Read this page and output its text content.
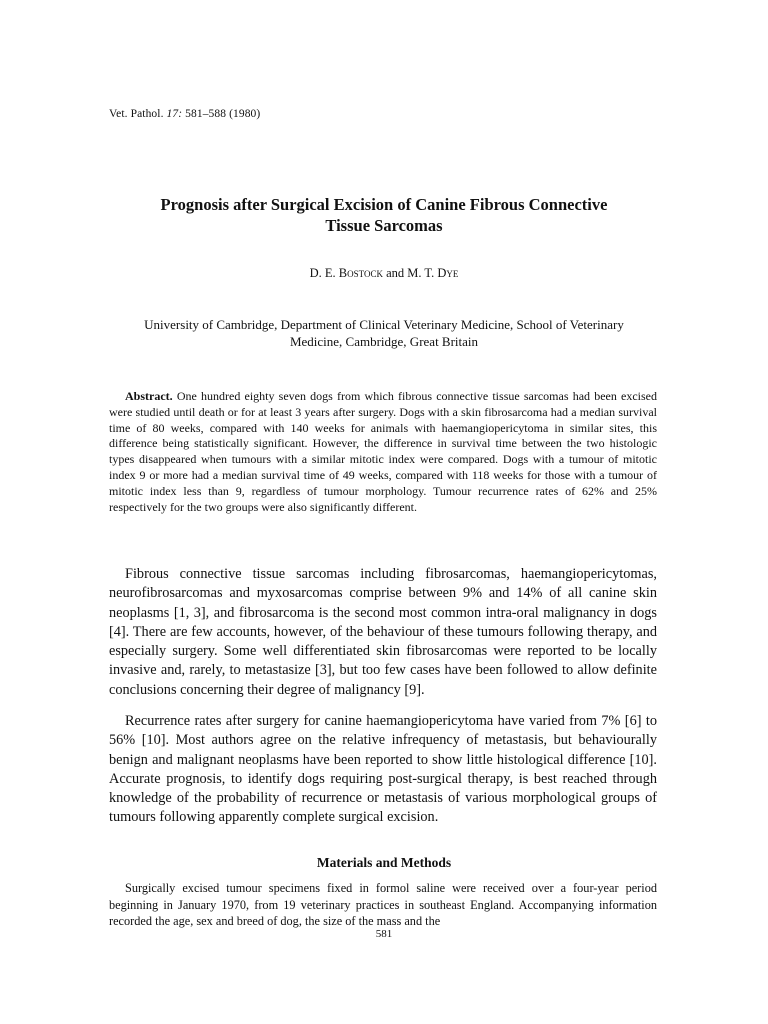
Vet. Pathol. 17: 581–588 (1980)
Prognosis after Surgical Excision of Canine Fibrous Connective
Tissue Sarcomas
D. E. Bostock and M. T. Dye
University of Cambridge, Department of Clinical Veterinary Medicine, School of Veterinary
Medicine, Cambridge, Great Britain

Abstract. One hundred eighty seven dogs from which fibrous connective tissue sarcomas had been excised were studied until death or for at least 3 years after surgery. Dogs with a skin fibrosarcoma had a median survival time of 80 weeks, compared with 140 weeks for animals with haemangiopericytoma in similar sites, this difference being statistically significant. However, the difference in survival time between the two histologic types disappeared when tumours with a similar mitotic index were compared. Dogs with a tumour of mitotic index 9 or more had a median survival time of 49 weeks, compared with 118 weeks for those with a tumour of mitotic index less than 9, regardless of tumour morphology. Tumour recurrence rates of 62% and 25% respectively for the two groups were also significantly different.

Fibrous connective tissue sarcomas including fibrosarcomas, haemangiopericytomas, neurofibrosarcomas and myxosarcomas comprise between 9% and 14% of all canine skin neoplasms [1, 3], and fibrosarcoma is the second most common intra-oral malignancy in dogs [4]. There are few accounts, however, of the behaviour of these tumours following therapy, and especially surgery. Some well differentiated skin fibrosarcomas were reported to be locally invasive and, rarely, to metastasize [3], but too few cases have been followed to allow definite conclusions concerning their degree of malignancy [9].

Recurrence rates after surgery for canine haemangiopericytoma have varied from 7% [6] to 56% [10]. Most authors agree on the relative infrequency of metastasis, but behaviourally benign and malignant neoplasms have been reported to show little histological difference [10]. Accurate prognosis, to identify dogs requiring post-surgical therapy, is best reached through knowledge of the probability of recurrence or metastasis of various morphological groups of tumours following apparently complete surgical excision.

Materials and Methods

Surgically excised tumour specimens fixed in formol saline were received over a four-year period beginning in January 1970, from 19 veterinary practices in southeast England. Accompanying information recorded the age, sex and breed of dog, the size of the mass and the

581
